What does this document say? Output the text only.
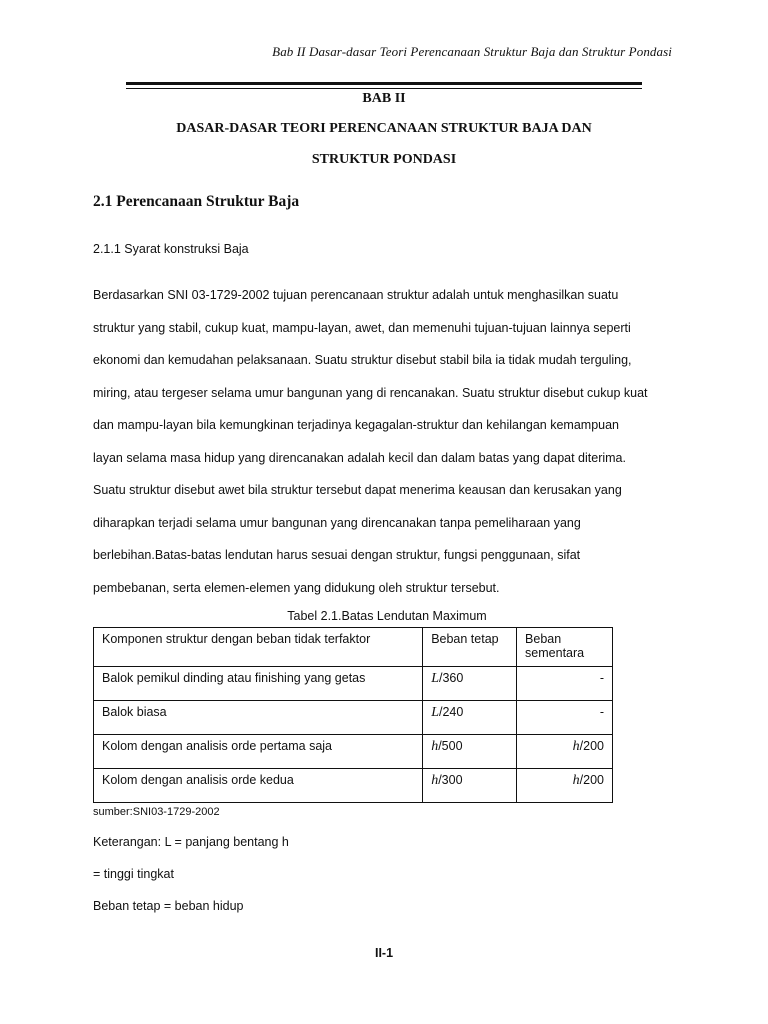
Bab II Dasar-dasar Teori Perencanaan Struktur Baja dan Struktur Pondasi
BAB II
DASAR-DASAR TEORI PERENCANAAN STRUKTUR BAJA DAN
STRUKTUR PONDASI
2.1 Perencanaan Struktur Baja
2.1.1 Syarat konstruksi Baja

Berdasarkan SNI 03-1729-2002 tujuan perencanaan struktur adalah untuk menghasilkan suatu
struktur yang stabil, cukup kuat, mampu-layan, awet, dan memenuhi tujuan-tujuan lainnya seperti
ekonomi dan kemudahan pelaksanaan. Suatu struktur disebut stabil bila ia tidak mudah terguling,
miring, atau tergeser selama umur bangunan yang di rencanakan. Suatu struktur disebut cukup kuat
dan mampu-layan bila kemungkinan terjadinya kegagalan-struktur dan kehilangan kemampuan
layan selama masa hidup yang direncanakan adalah kecil dan dalam batas yang dapat diterima.
Suatu struktur disebut awet bila struktur tersebut dapat menerima keausan dan kerusakan yang
diharapkan terjadi selama umur bangunan yang direncanakan tanpa pemeliharaan yang
berlebihan.Batas-batas lendutan harus sesuai dengan struktur, fungsi penggunaan, sifat
pembebanan, serta elemen-elemen yang didukung oleh struktur tersebut.

Tabel 2.1.Batas Lendutan Maximum
Komponen struktur dengan beban tidak terfaktor	Beban tetap	Beban sementara
Balok pemikul dinding atau finishing yang getas	L/360	-
Balok biasa	L/240	-
Kolom dengan analisis orde pertama saja	h/500	h/200
Kolom dengan analisis orde kedua	h/300	h/200
sumber:SNI03-1729-2002
Keterangan: L = panjang bentang h
= tinggi tingkat
Beban tetap = beban hidup
II-1
